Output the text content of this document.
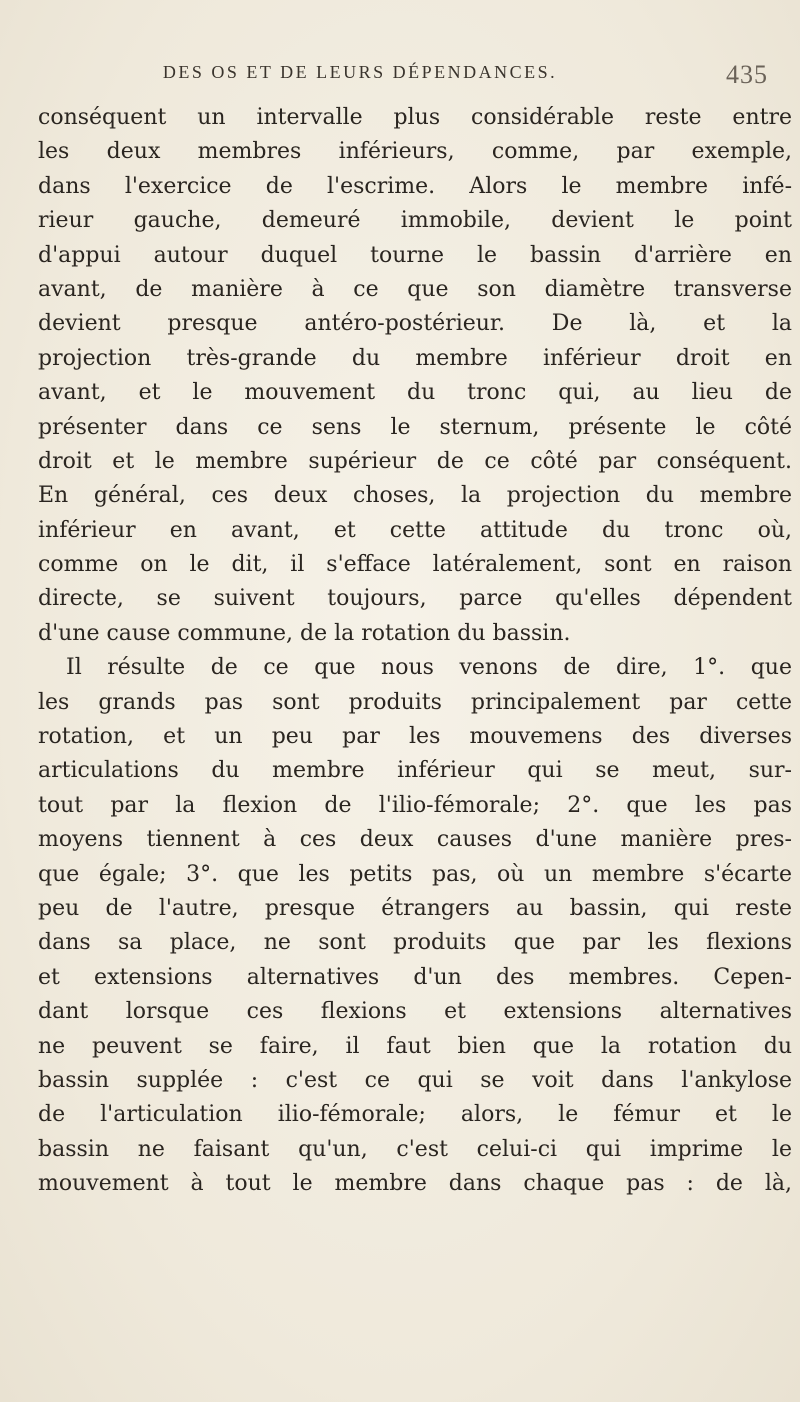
DES OS ET DE LEURS DÉPENDANCES.	435
conséquent un intervalle plus considérable reste entre
les deux membres inférieurs, comme, par exemple,
dans l'exercice de l'escrime. Alors le membre infé-
rieur gauche, demeuré immobile, devient le point
d'appui autour duquel tourne le bassin d'arrière en
avant, de manière à ce que son diamètre transverse
devient presque antéro-postérieur. De là, et la
projection très-grande du membre inférieur droit en
avant, et le mouvement du tronc qui, au lieu de
présenter dans ce sens le sternum, présente le côté
droit et le membre supérieur de ce côté par conséquent.
En général, ces deux choses, la projection du membre
inférieur en avant, et cette attitude du tronc où,
comme on le dit, il s'efface latéralement, sont en raison
directe, se suivent toujours, parce qu'elles dépendent
d'une cause commune, de la rotation du bassin.
Il résulte de ce que nous venons de dire, 1°. que
les grands pas sont produits principalement par cette
rotation, et un peu par les mouvemens des diverses
articulations du membre inférieur qui se meut, sur-
tout par la flexion de l'ilio-fémorale; 2°. que les pas
moyens tiennent à ces deux causes d'une manière pres-
que égale; 3°. que les petits pas, où un membre s'écarte
peu de l'autre, presque étrangers au bassin, qui reste
dans sa place, ne sont produits que par les flexions
et extensions alternatives d'un des membres. Cepen-
dant lorsque ces flexions et extensions alternatives
ne peuvent se faire, il faut bien que la rotation du
bassin supplée : c'est ce qui se voit dans l'ankylose
de l'articulation ilio-fémorale; alors, le fémur et le
bassin ne faisant qu'un, c'est celui-ci qui imprime le
mouvement à tout le membre dans chaque pas : de là,
